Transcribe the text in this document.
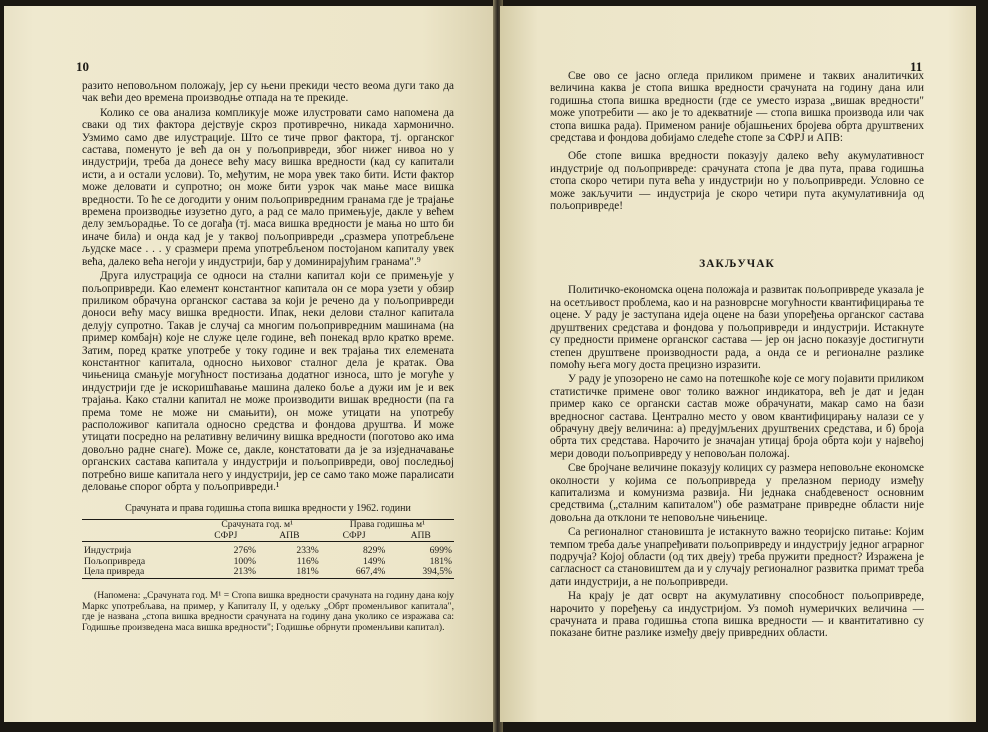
10	11

разито неповољном положају, јер су њени прекиди често веома дуги тако да чак већи део времена производње отпада на те прекиде.

Колико се ова анализа компликује може илустровати само напомена да сваки од тих фактора дејствује скроз противречно, никада хармонично. Узмимо само две илустрације. Што се тиче првог фактора, тј. органског састава, поменуто је већ да он у пољопривреди, због нижег нивоа но у индустрији, треба да донесе већу масу вишка вредности (кад су капитали исти, а и остали услови). То, међутим, не мора увек тако бити. Исти фактор може деловати и супротно; он може бити узрок чак мање масе вишка вредности. То ће се догодити у оним пољопривредним гранама где је трајање времена производње изузетно дуго, а рад се мало примењује, дакле у већем делу земљорадње. То се догађа (тј. маса вишка вредности је мања но што би иначе била) и онда кад је у таквој пољопривреди „сразмера употребљене људске масе . . . у сразмери према употребљеном постојаном капиталу увек већа, далеко већа негоји у индустрији, бар у доминирајућим гранама".⁹

Друга илустрација се односи на стални капитал који се примењује у пољопривреди. Као елемент константног капитала он се мора узети у обзир приликом обрачуна органског састава за који је речено да у пољопривреди доноси већу масу вишка вредности. Ипак, неки делови сталног капитала делују супротно. Такав је случај са многим пољопривредним машинама (на пример комбајн) које не служе целе године, већ понекад врло кратко време. Затим, поред кратке употребе у току године и век трајања тих елемената константног капитала, односно њиховог сталног дела је кратак. Ова чињеница смањује могућност постизања додатног износа, што је могуће у индустрији где је искоришћавање машина далеко боље а дужи им је и век трајања. Како стални капитал не може производити вишак вредности (па га према томе не може ни смањити), он може утицати на употребу расположивог капитала односно средства и фондова друштва. И може утицати посредно на релативну величину вишка вредности (поготово ако има довољно радне снаге). Може се, дакле, констатовати да је за изједначавање органских састава капитала у индустрији и пољопривреди, овој последњој потребно више капитала него у индустрији, јер се само тако може паралисати деловање спорог обрта у пољопривреди.¹

Срачуната и права годишња стопа вишка вредности у 1962. години
	Срачуната год. м¹		Права годишња м¹	
	СФРЈ	АПВ	СФРЈ	АПВ

Индустрија	276%	233%	829%	699%
Пољопривреда	100%	116%	149%	181%
Цела привреда	213%	181%	667,4%	394,5%
(Напомена: „Срачуната год. М¹ = Стопа вишка вредности срачуната на годину дана коју Маркс употребљава, на пример, у Капиталу II, у одељку „Обрт променљивог капитала", где је названа „стопа вишка вредности срачуната на годину дана уколико се изражава са: Годишње произведена маса вишка вредности"; Годишње обрнути променљиви капитал).

Све ово се јасно огледа приликом примене и таквих аналитичких величина каква је стопа вишка вредности срачуната на годину дана или годишња стопа вишка вредности (где се уместо израза „вишак вредности" може употребити — ако је то адекватније — стопа вишка производа или чак стопа вишка рада). Применом раније објашњених бројева обрта друштвених средстава и фондова добијамо следеће стопе за СФРЈ и АПВ:

Обе стопе вишка вредности показују далеко већу акумулативност индустрије од пољопривреде: срачуната стопа је два пута, права годишња стопа скоро четири пута већа у индустрији но у пољопривреди. Условно се може закључити — индустрија је скоро четири пута акумулативнија од пољопривреде!

ЗАКЉУЧАК

Политичко-економска оцена положаја и развитак пољопривреде указала је на осетљивост проблема, као и на разноврсне могућности квантифицирања те оцене. У раду је заступана идеја оцене на бази упоређења органског састава друштвених средстава и фондова у пољопривреди и индустрији. Истакнуте су предности примене органског састава — јер он јасно показује достигнути степен друштвене производности рада, а онда се и регионалне разлике помоћу њега могу доста прецизно изразити.

У раду је упозорено не само на потешкоће које се могу појавити приликом статистичке примене овог толико важног индикатора, већ је дат и један пример како се органски састав може обрачунати, макар само на бази вредносног састава. Централно место у овом квантифицирању налази се у обрачуну двеју величина: а) предујмљених друштвених средстава, и б) броја обрта тих средстава. Нарочито је значајан утицај броја обрта који у највећој мери доводи пољопривреду у неповољан положај.

Све бројчане величине показују колицих су размера неповољне економске околности у којима се пољопривреда у прелазном периоду између капитализма и комунизма развија. Ни једнака снабдевеност основним средствима („сталним капиталом") обе разматране привредне области није довољна да отклони те неповољне чињенице.

Са регионалног становишта је истакнуто важно теоријско питање: Којим темпом треба даље унапређивати пољопривреду и индустрију једног аграрног подручја? Којој области (од тих двеју) треба пружити предност? Изражена је сагласност са становиштем да и у случају регионалног развитка примат треба дати индустрији, а не пољопривреди.

На крају је дат осврт на акумулативну способност пољопривреде, нарочито у поређењу са индустријом. Уз помоћ нумеричких величина — срачуната и права годишња стопа вишка вредности — и квантитативно су показане битне разлике између двеју привредних области.
